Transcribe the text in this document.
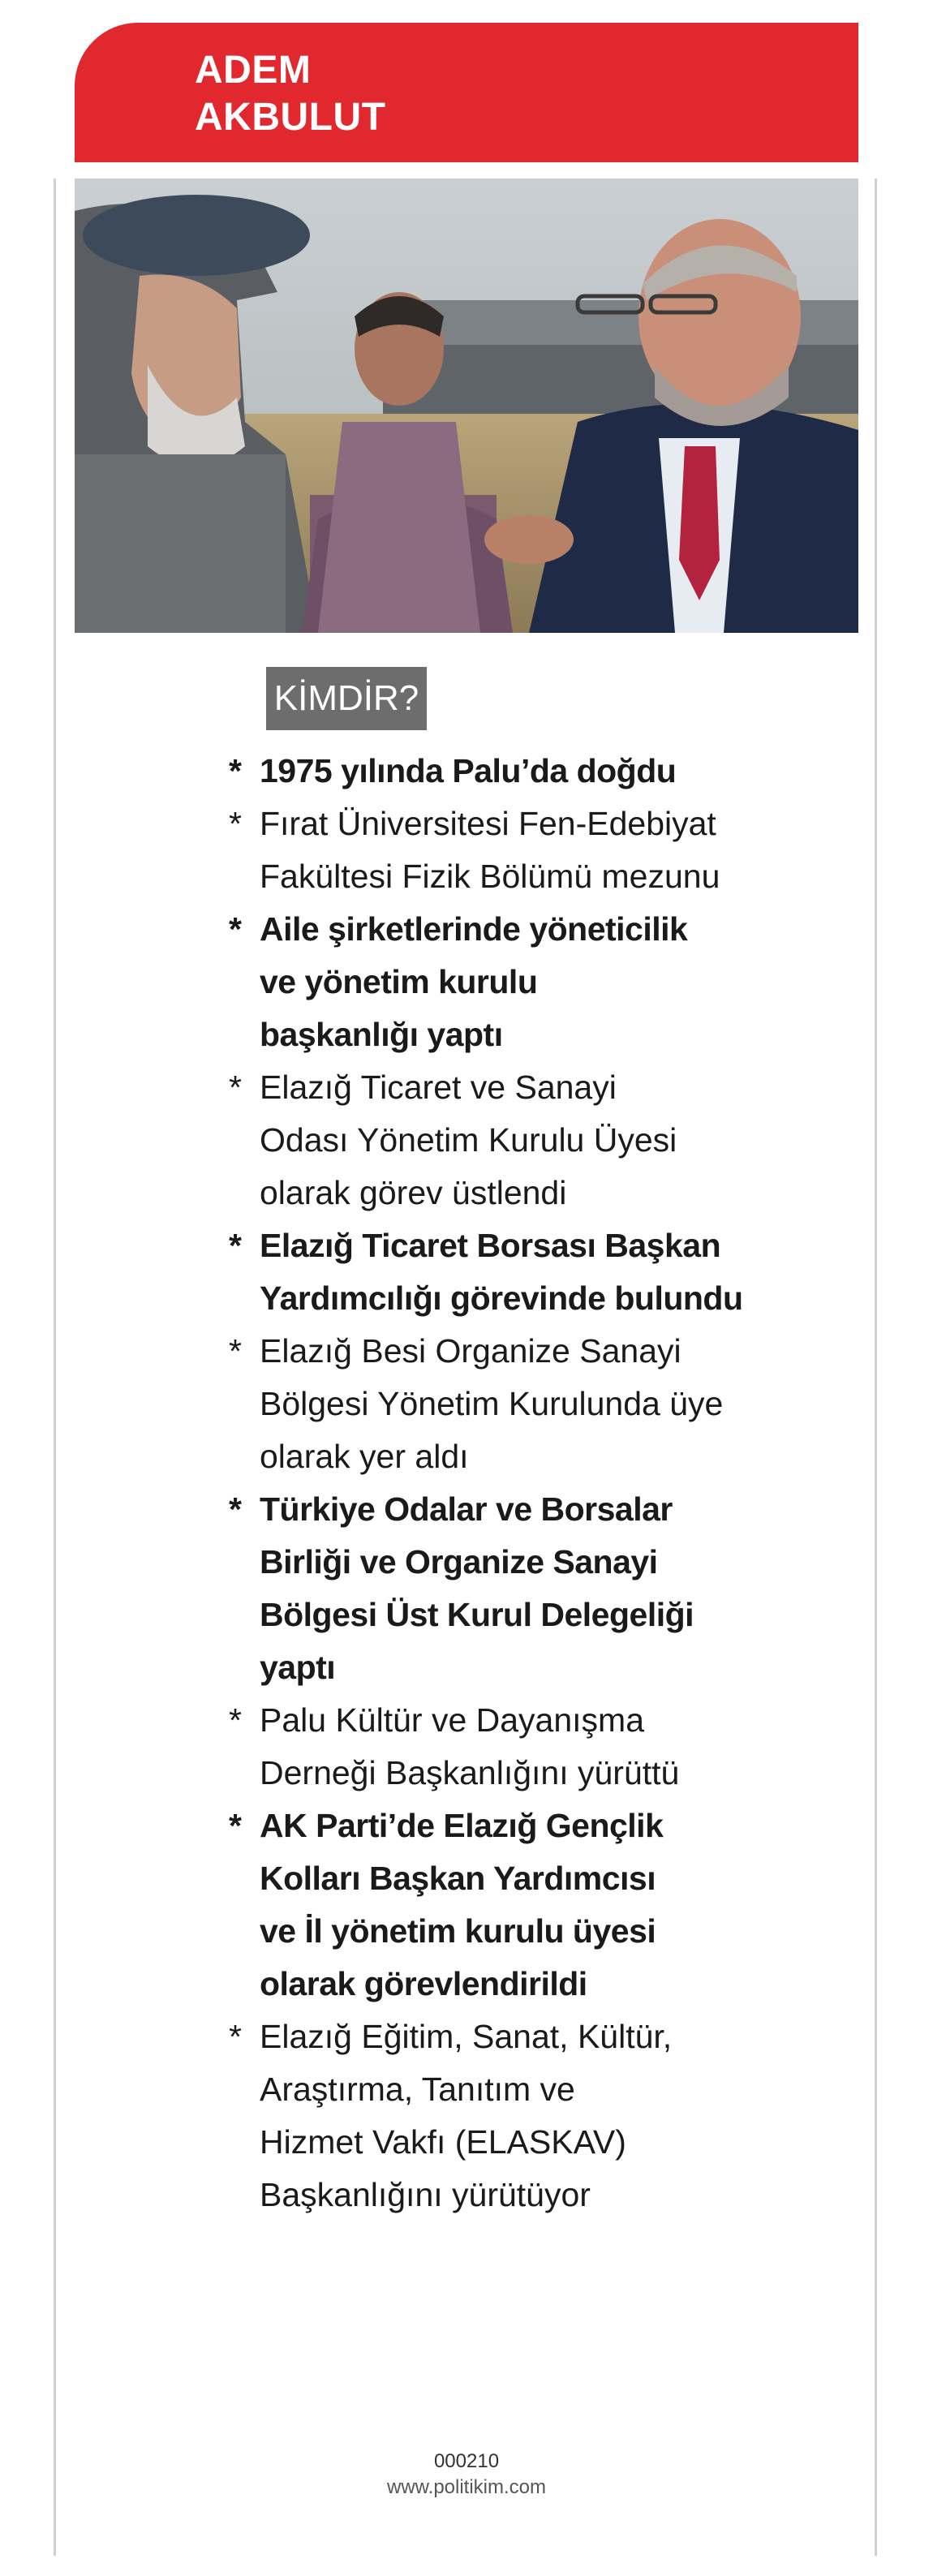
ADEM
AKBULUT
KİMDİR?
* 1975 yılında Palu’da doğdu
* Fırat Üniversitesi Fen-Edebiyat
Fakültesi Fizik Bölümü mezunu
* Aile şirketlerinde yöneticilik
ve yönetim kurulu
başkanlığı yaptı
* Elazığ Ticaret ve Sanayi
Odası Yönetim Kurulu Üyesi
olarak görev üstlendi
* Elazığ Ticaret Borsası Başkan
Yardımcılığı görevinde bulundu
* Elazığ Besi Organize Sanayi
Bölgesi Yönetim Kurulunda üye
olarak yer aldı
* Türkiye Odalar ve Borsalar
Birliği ve Organize Sanayi
Bölgesi Üst Kurul Delegeliği
yaptı
* Palu Kültür ve Dayanışma
Derneği Başkanlığını yürüttü
* AK Parti’de Elazığ Gençlik
Kolları Başkan Yardımcısı
ve İl yönetim kurulu üyesi
olarak görevlendirildi
* Elazığ Eğitim, Sanat, Kültür,
Araştırma, Tanıtım ve
Hizmet Vakfı (ELASKAV)
Başkanlığını yürütüyor
000210
www.politikim.com
